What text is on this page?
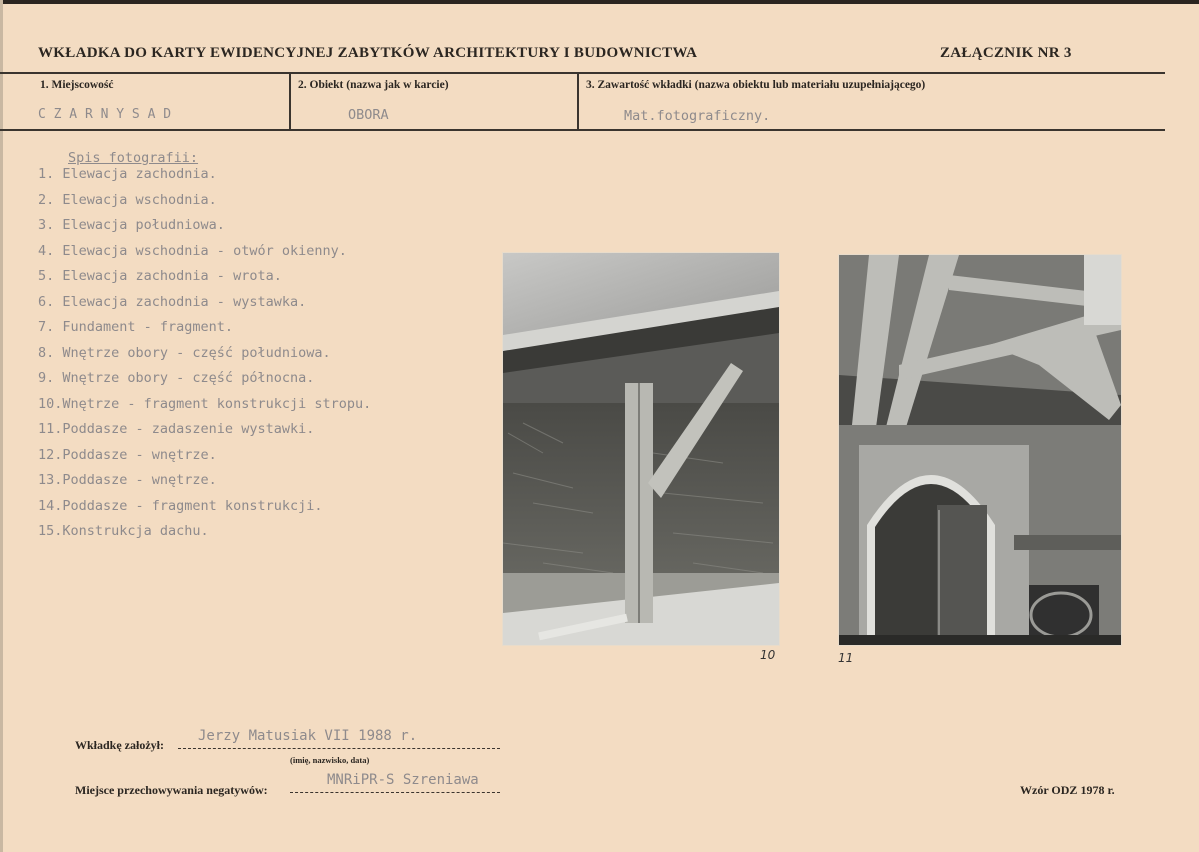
WKŁADKA DO KARTY EWIDENCYJNEJ ZABYTKÓW ARCHITEKTURY I BUDOWNICTWA	ZAŁĄCZNIK NR 3
1. Miejscowość	2. Obiekt (nazwa jak w karcie)	3. Zawartość wkładki (nazwa obiektu lub materiału uzupełniającego)
C Z A R N Y S A D	OBORA	Mat.fotograficzny.
Spis fotografii:
1. Elewacja zachodnia.
2. Elewacja wschodnia.
3. Elewacja południowa.
4. Elewacja wschodnia - otwór okienny.
5. Elewacja zachodnia - wrota.
6. Elewacja zachodnia - wystawka.
7. Fundament - fragment.
8. Wnętrze obory - część południowa.
9. Wnętrze obory - część północna.
10.Wnętrze - fragment konstrukcji stropu.
11.Poddasze - zadaszenie wystawki.
12.Poddasze - wnętrze.
13.Poddasze - wnętrze.
14.Poddasze - fragment konstrukcji.
15.Konstrukcja dachu.
10	11
Wkładkę założył:
Jerzy Matusiak VII 1988 r.
(imię, nazwisko, data)
Miejsce przechowywania negatywów:
MNRiPR-S Szreniawa
Wzór ODZ 1978 r.
